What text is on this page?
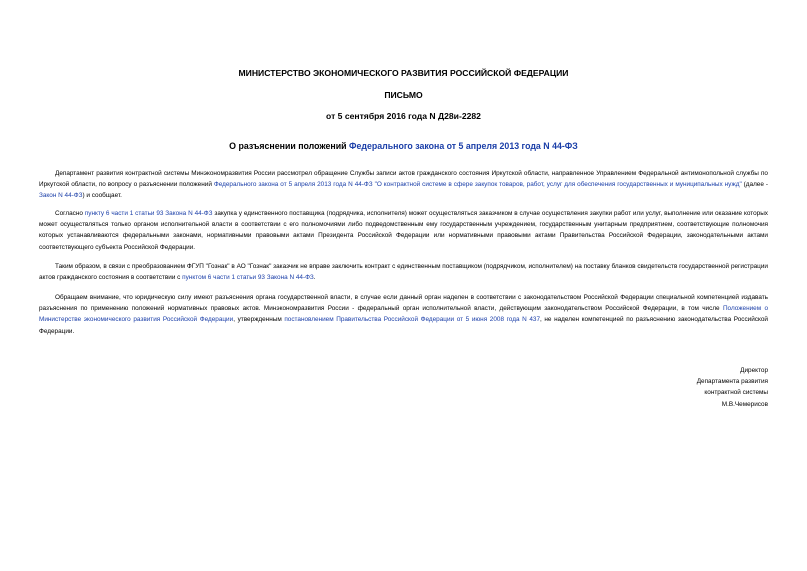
МИНИСТЕРСТВО ЭКОНОМИЧЕСКОГО РАЗВИТИЯ РОССИЙСКОЙ ФЕДЕРАЦИИ
ПИСЬМО
от 5 сентября 2016 года N Д28и-2282
О разъяснении положений Федерального закона от 5 апреля 2013 года N 44-ФЗ
Департамент развития контрактной системы Минэкономразвития России рассмотрел обращение Службы записи актов гражданского состояния Иркутской области, направленное Управлением Федеральной антимонопольной службы по Иркутской области, по вопросу о разъяснении положений Федерального закона от 5 апреля 2013 года N 44-ФЗ "О контрактной системе в сфере закупок товаров, работ, услуг для обеспечения государственных и муниципальных нужд" (далее - Закон N 44-ФЗ) и сообщает.
Согласно пункту 6 части 1 статьи 93 Закона N 44-ФЗ закупка у единственного поставщика (подрядчика, исполнителя) может осуществляться заказчиком в случае осуществления закупки работ или услуг, выполнение или оказание которых может осуществляться только органом исполнительной власти в соответствии с его полномочиями либо подведомственным ему государственным учреждением, государственным унитарным предприятием, соответствующие полномочия которых устанавливаются федеральными законами, нормативными правовыми актами Президента Российской Федерации или нормативными правовыми актами Правительства Российской Федерации, законодательными актами соответствующего субъекта Российской Федерации.
Таким образом, в связи с преобразованием ФГУП "Гознак" в АО "Гознак" заказчик не вправе заключить контракт с единственным поставщиком (подрядчиком, исполнителем) на поставку бланков свидетельств государственной регистрации актов гражданского состояния в соответствии с пунктом 6 части 1 статьи 93 Закона N 44-ФЗ.
Обращаем внимание, что юридическую силу имеют разъяснения органа государственной власти, в случае если данный орган наделен в соответствии с законодательством Российской Федерации специальной компетенцией издавать разъяснения по применению положений нормативных правовых актов. Минэкономразвития России - федеральный орган исполнительной власти, действующим законодательством Российской Федерации, в том числе Положением о Министерстве экономического развития Российской Федерации, утвержденным постановлением Правительства Российской Федерации от 5 июня 2008 года N 437, не наделен компетенцией по разъяснению законодательства Российской Федерации.
Директор
Департамента развития
контрактной системы
М.В.Чемерисов
